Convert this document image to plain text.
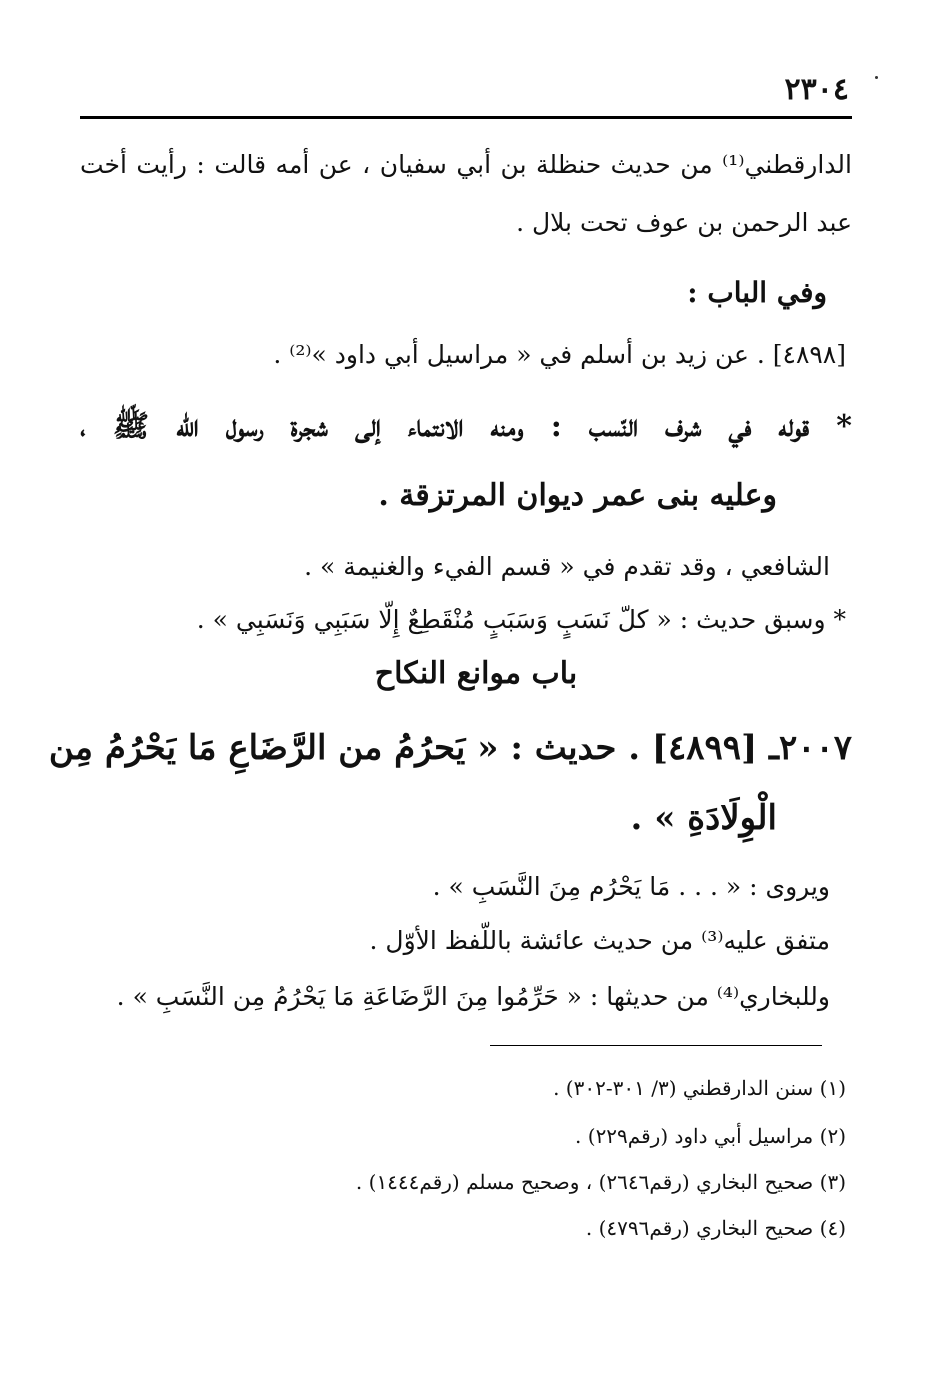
٢٣٠٤
الدارقطني⁽¹⁾ من حديث حنظلة بن أبي سفيان ، عن أمه قالت : رأيت أخت
عبد الرحمن بن عوف تحت بلال .
وفي الباب :
[٤٨٩٨] . عن زيد بن أسلم في « مراسيل أبي داود »⁽²⁾ .
* قوله في شرف النّسب : ومنه الانتماء إلى شجرة رسول الله ﷺ ،
وعليه بنى عمر ديوان المرتزقة .
الشافعي ، وقد تقدم في « قسم الفيء والغنيمة » .
* وسبق حديث : « كلّ نَسَبٍ وَسَبَبٍ مُنْقَطِعٌ إِلّا سَبَبِي وَنَسَبِي » .
باب موانع النكاح
٢٠٠٧ـ [٤٨٩٩] . حديث : « يَحرُمُ من الرَّضَاعِ مَا يَحْرُمُ مِن
الْوِلَادَةِ » .
ويروى : « . . . مَا يَحْرُم مِنَ النَّسَبِ » .
متفق عليه⁽³⁾ من حديث عائشة باللّفظ الأوّل .
وللبخاري⁽⁴⁾ من حديثها : « حَرِّمُوا مِنَ الرَّضَاعَةِ مَا يَحْرُمُ مِن النَّسَبِ » .
(١) سنن الدارقطني (٣/ ٣٠١-٣٠٢) .
(٢) مراسيل أبي داود (رقم٢٢٩) .
(٣) صحيح البخاري (رقم٢٦٤٦) ، وصحيح مسلم (رقم١٤٤٤) .
(٤) صحيح البخاري (رقم٤٧٩٦) .
